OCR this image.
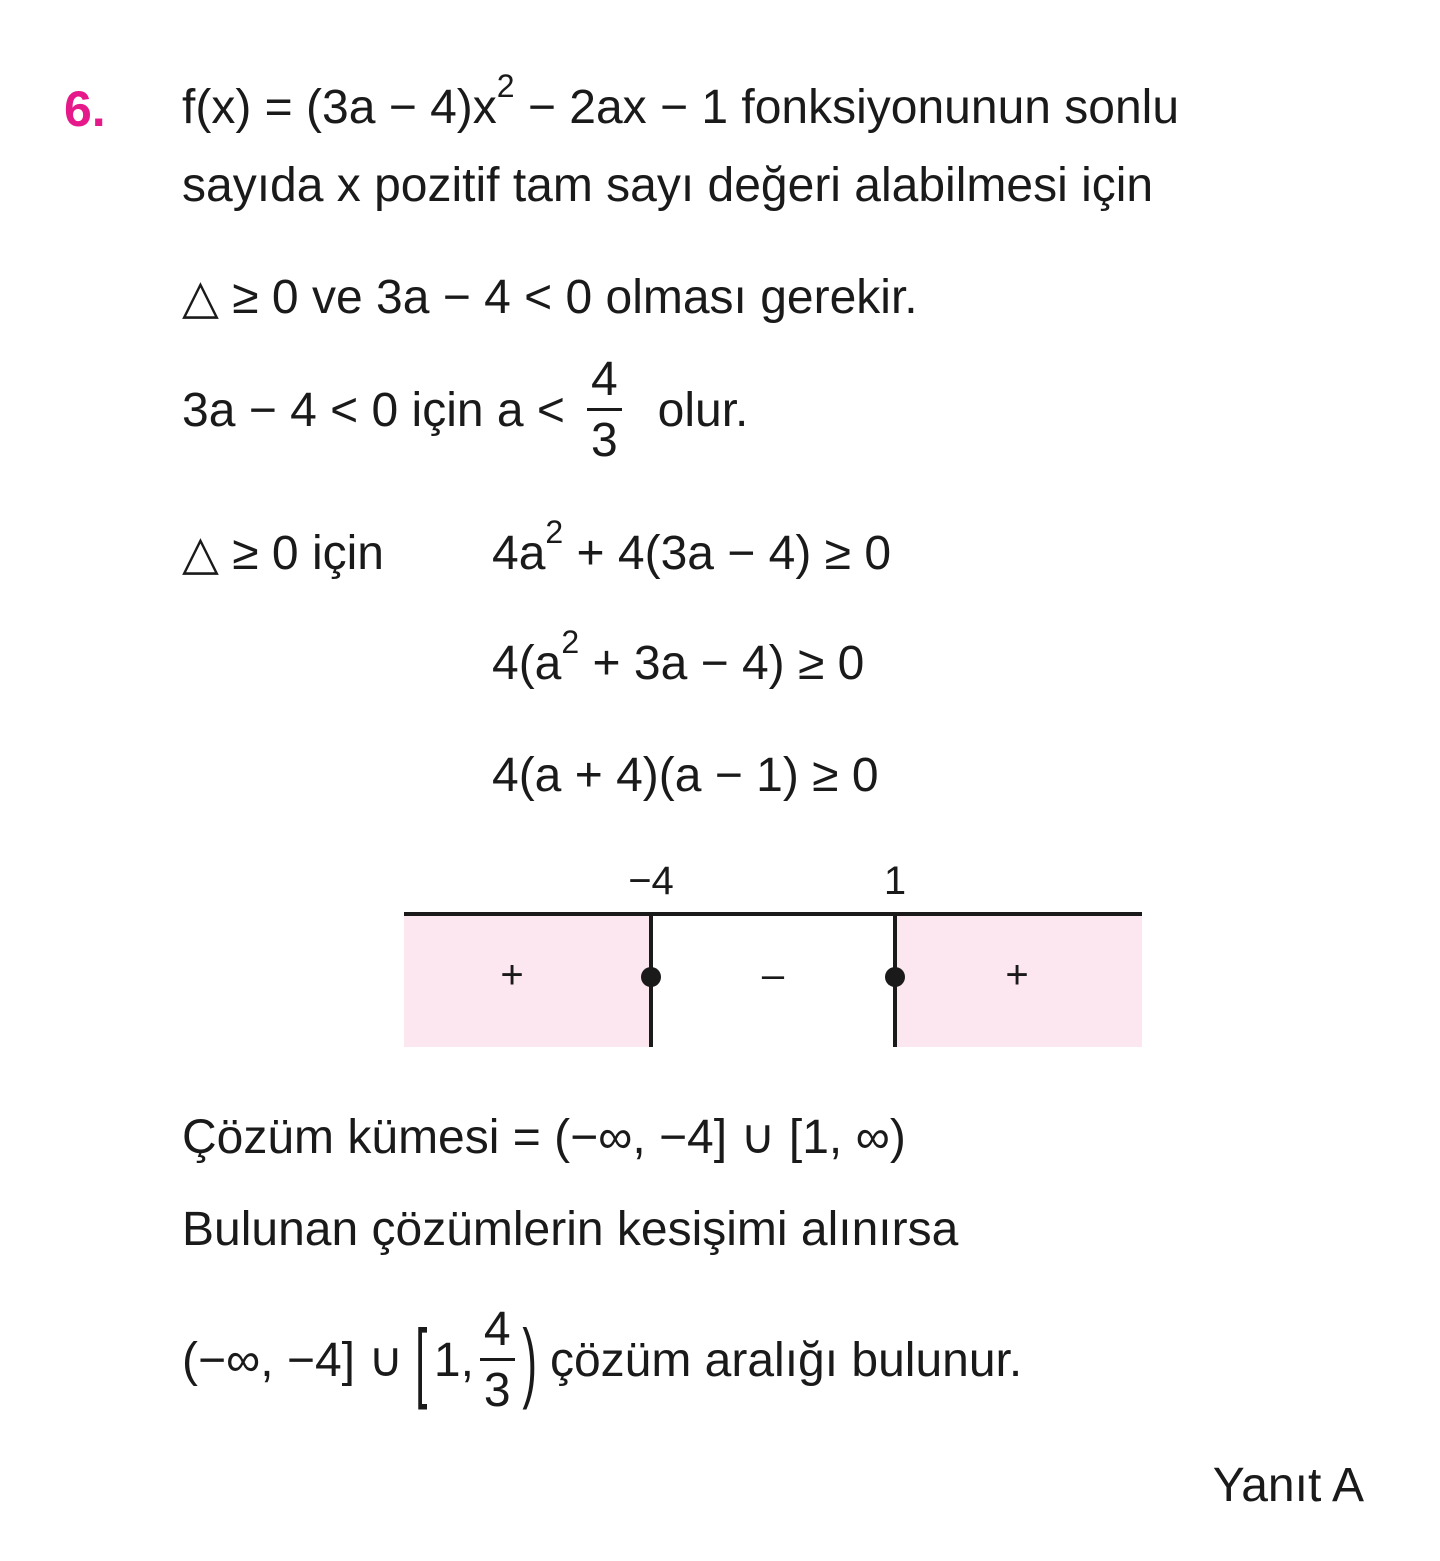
6. $f(x) = (3a - 4)x^2 - 2ax - 1$ fonksiyonunun sonlu
sayıda x pozitif tam sayı değeri alabilmesi için
△ ≥ 0 ve 3a − 4 < 0 olması gerekir.
3a − 4 < 0 için $a < \frac{4}{3}$ olur.
△ ≥ 0 için $4a^2 + 4(3a - 4) \ge 0$
$4(a^2 + 3a - 4) \ge 0$
4(a + 4)(a − 1) ≥ 0
−4	1
+	–	+
Çözüm kümesi = (−∞, −4] ∪ [1, ∞)
Bulunan çözümlerin kesişimi alınırsa
(−∞, −4] ∪ [ 1, $\frac{4}{3}$ ) çözüm aralığı bulunur.
Yanıt A
